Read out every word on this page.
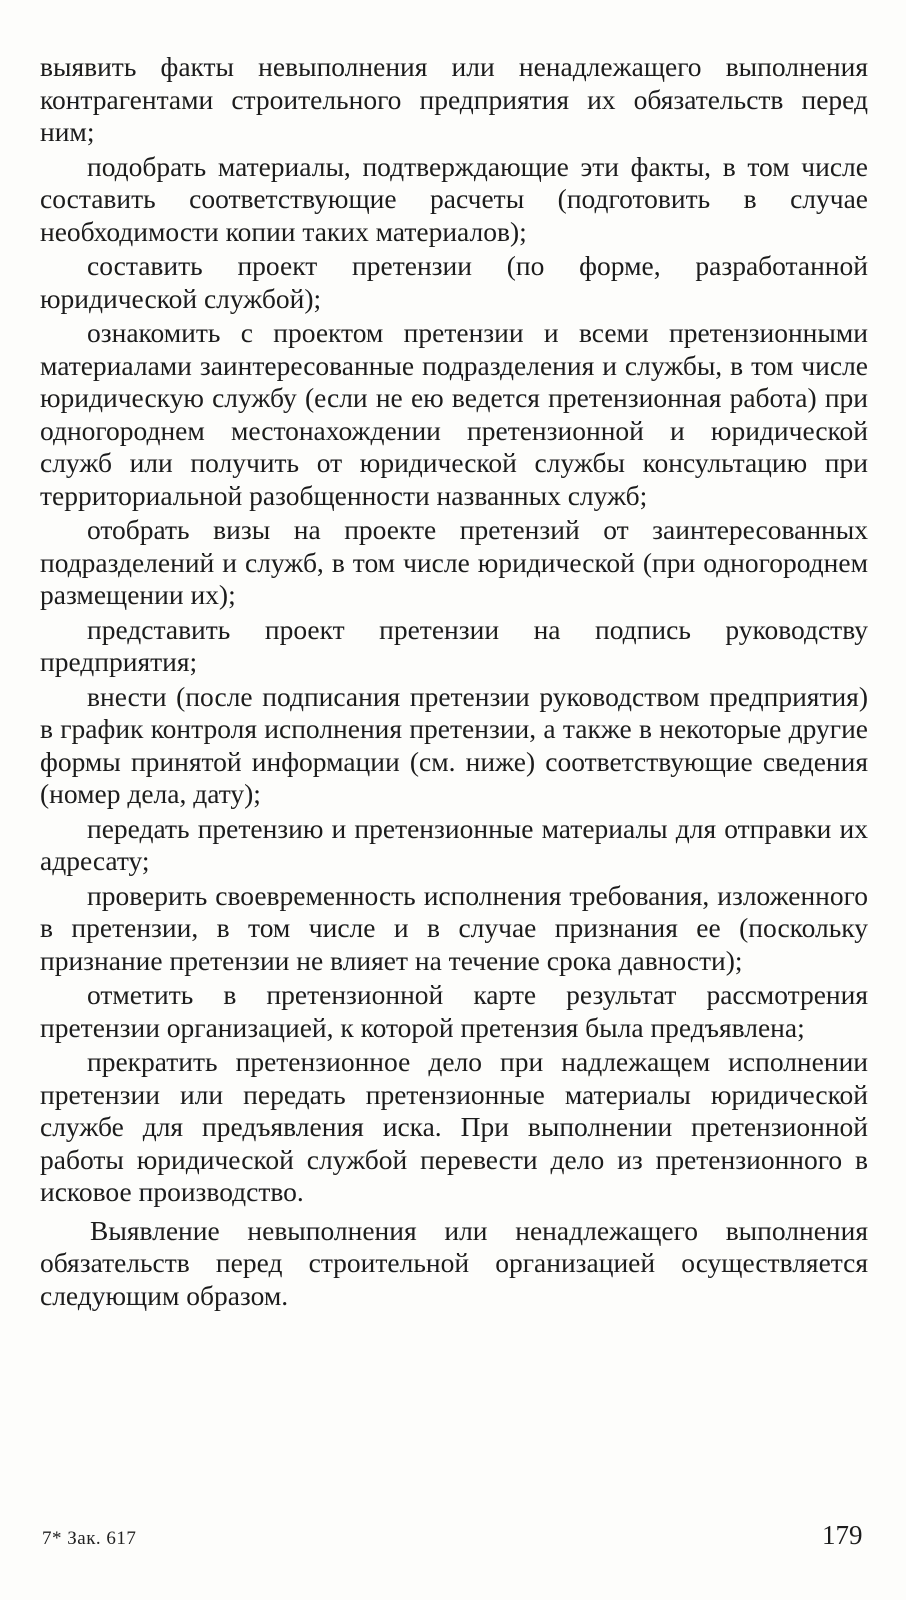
выявить факты невыполнения или ненадлежащего выполнения контрагентами строительного предприятия их обязательств перед ним;

подобрать материалы, подтверждающие эти факты, в том числе составить соответствующие расчеты (подготовить в случае необходимости копии таких материалов);

составить проект претензии (по форме, разработанной юридической службой);

ознакомить с проектом претензии и всеми претензионными материалами заинтересованные подразделения и службы, в том числе юридическую службу (если не ею ведется претензионная работа) при одногороднем местонахождении претензионной и юридической служб или получить от юридической службы консультацию при территориальной разобщенности названных служб;

отобрать визы на проекте претензий от заинтересованных подразделений и служб, в том числе юридической (при одногороднем размещении их);

представить проект претензии на подпись руководству предприятия;

внести (после подписания претензии руководством предприятия) в график контроля исполнения претензии, а также в некоторые другие формы принятой информации (см. ниже) соответствующие сведения (номер дела, дату);

передать претензию и претензионные материалы для отправки их адресату;

проверить своевременность исполнения требования, изложенного в претензии, в том числе и в случае признания ее (поскольку признание претензии не влияет на течение срока давности);

отметить в претензионной карте результат рассмотрения претензии организацией, к которой претензия была предъявлена;

прекратить претензионное дело при надлежащем исполнении претензии или передать претензионные материалы юридической службе для предъявления иска. При выполнении претензионной работы юридической службой перевести дело из претензионного в исковое производство.

Выявление невыполнения или ненадлежащего выполнения обязательств перед строительной организацией осуществляется следующим образом.

7* Зак. 617	179
